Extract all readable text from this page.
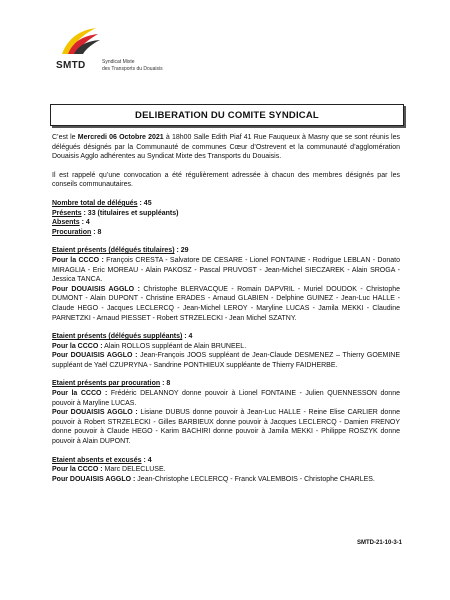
SMTD	Syndicat Mixte
des Transports du Douaisis
DELIBERATION DU COMITE SYNDICAL

C’est le Mercredi 06 Octobre 2021 à 18h00 Salle Edith Piaf 41 Rue Fauqueux à Masny que se sont réunis les délégués désignés par la Communauté de communes Cœur d’Ostrevent et la communauté d’agglomération Douaisis Agglo adhérentes au Syndicat Mixte des Transports du Douaisis.

Il est rappelé qu’une convocation a été régulièrement adressée à chacun des membres désignés par les conseils communautaires.

Nombre total de délégués : 45
Présents : 33 (titulaires et suppléants)
Absents : 4
Procuration : 8
Etaient présents (délégués titulaires) : 29

Pour la CCCO : François CRESTA - Salvatore DE CESARE - Lionel FONTAINE - Rodrigue LEBLAN - Donato MIRAGLIA - Eric MOREAU - Alain PAKOSZ - Pascal PRUVOST - Jean-Michel SIECZAREK - Alain SROGA - Jessica TANCA.

Pour DOUAISIS AGGLO : Christophe BLERVACQUE - Romain DAPVRIL - Muriel DOUDOK - Christophe DUMONT - Alain DUPONT - Christine ERADES - Arnaud GLABIEN - Delphine GUINEZ - Jean-Luc HALLE - Claude HEGO - Jacques LECLERCQ - Jean-Michel LEROY - Maryline LUCAS - Jamila MEKKI - Claudine PARNETZKI - Arnaud PIESSET - Robert STRZELECKI - Jean Michel SZATNY.

Etaient présents (délégués suppléants) : 4

Pour la CCCO : Alain ROLLOS suppléant de Alain BRUNEEL.

Pour DOUAISIS AGGLO : Jean-François JOOS suppléant de Jean-Claude DESMENEZ – Thierry GOEMINE suppléant de Yaël CZUPRYNA - Sandrine PONTHIEUX suppléante de Thierry FAIDHERBE.

Etaient présents par procuration : 8

Pour la CCCO : Frédéric DELANNOY donne pouvoir à Lionel FONTAINE - Julien QUENNESSON donne pouvoir à Maryline LUCAS.

Pour DOUAISIS AGGLO : Lisiane DUBUS donne pouvoir à Jean-Luc HALLE - Reine Elise CARLIER donne pouvoir à Robert STRZELECKI - Gilles BARBIEUX donne pouvoir à Jacques LECLERCQ - Damien FRENOY donne pouvoir à Claude HEGO - Karim BACHIRI donne pouvoir à Jamila MEKKI - Philippe ROSZYK donne pouvoir à Alain DUPONT.

Etaient absents et excusés : 4

Pour la CCCO : Marc DELECLUSE.

Pour DOUAISIS AGGLO : Jean-Christophe LECLERCQ - Franck VALEMBOIS - Christophe CHARLES.

SMTD-21-10-3-1
